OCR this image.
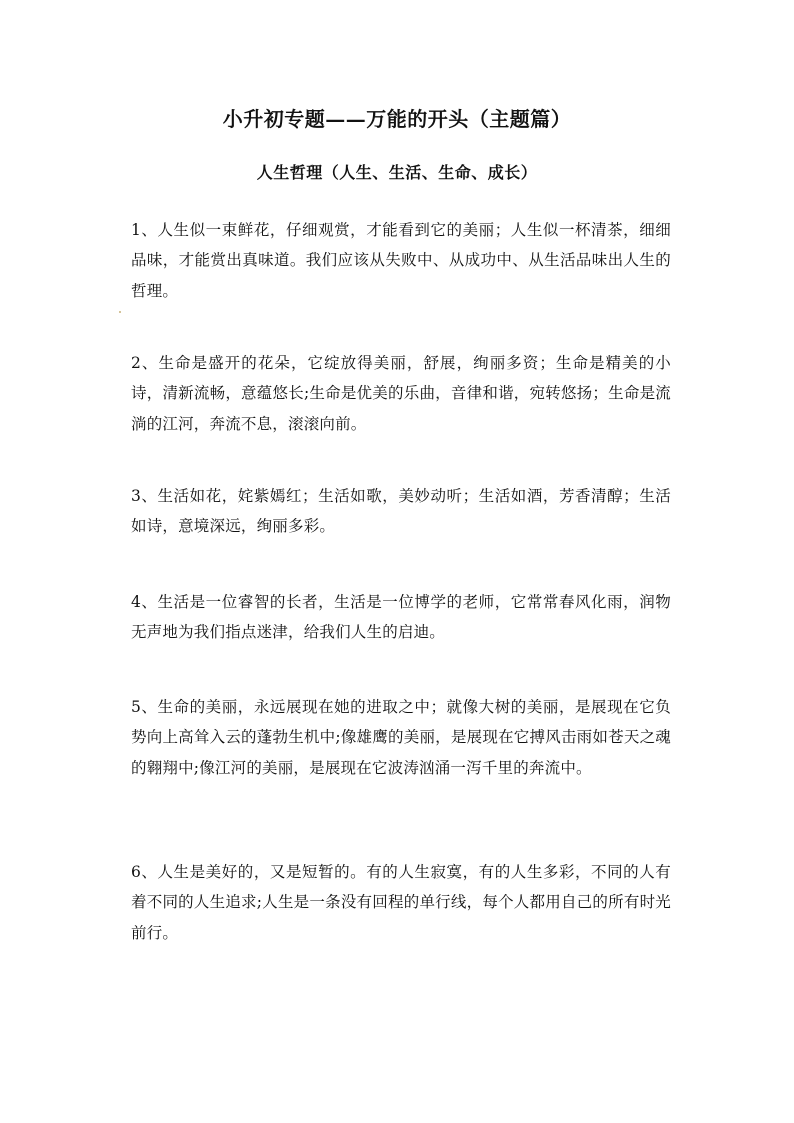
小升初专题——万能的开头（主题篇）
人生哲理（人生、生活、生命、成长）

1、人生似一束鲜花，仔细观赏，才能看到它的美丽；人生似一杯清茶，细细品味，才能赏出真味道。我们应该从失败中、从成功中、从生活品味出人生的哲理。

2、生命是盛开的花朵，它绽放得美丽，舒展，绚丽多资；生命是精美的小诗，清新流畅，意蕴悠长;生命是优美的乐曲，音律和谐，宛转悠扬；生命是流淌的江河，奔流不息，滚滚向前。

3、生活如花，姹紫嫣红；生活如歌，美妙动听；生活如酒，芳香清醇；生活如诗，意境深远，绚丽多彩。

4、生活是一位睿智的长者，生活是一位博学的老师，它常常春风化雨，润物无声地为我们指点迷津，给我们人生的启迪。

5、生命的美丽，永远展现在她的进取之中；就像大树的美丽，是展现在它负势向上高耸入云的蓬勃生机中;像雄鹰的美丽，是展现在它搏风击雨如苍天之魂的翱翔中;像江河的美丽，是展现在它波涛汹涌一泻千里的奔流中。

6、人生是美好的，又是短暂的。有的人生寂寞，有的人生多彩，不同的人有着不同的人生追求;人生是一条没有回程的单行线，每个人都用自己的所有时光前行。
